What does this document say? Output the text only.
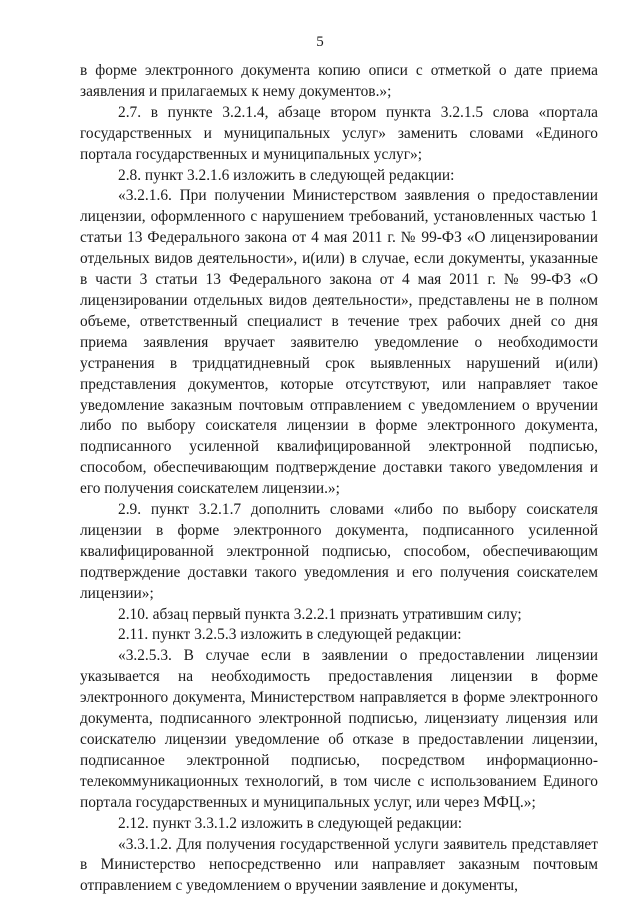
5

в форме электронного документа копию описи с отметкой о дате приема заявления и прилагаемых к нему документов.»;

2.7. в пункте 3.2.1.4, абзаце втором пункта 3.2.1.5 слова «портала государственных и муниципальных услуг» заменить словами «Единого портала государственных и муниципальных услуг»;

2.8. пункт 3.2.1.6 изложить в следующей редакции:

«3.2.1.6. При получении Министерством заявления о предоставлении лицензии, оформленного с нарушением требований, установленных частью 1 статьи 13 Федерального закона от 4 мая 2011 г. № 99-ФЗ «О лицензировании отдельных видов деятельности», и(или) в случае, если документы, указанные в части 3 статьи 13 Федерального закона от 4 мая 2011 г. № 99-ФЗ «О лицензировании отдельных видов деятельности», представлены не в полном объеме, ответственный специалист в течение трех рабочих дней со дня приема заявления вручает заявителю уведомление о необходимости устранения в тридцатидневный срок выявленных нарушений и(или) представления документов, которые отсутствуют, или направляет такое уведомление заказным почтовым отправлением с уведомлением о вручении либо по выбору соискателя лицензии в форме электронного документа, подписанного усиленной квалифицированной электронной подписью, способом, обеспечивающим подтверждение доставки такого уведомления и его получения соискателем лицензии.»;

2.9. пункт 3.2.1.7 дополнить словами «либо по выбору соискателя лицензии в форме электронного документа, подписанного усиленной квалифицированной электронной подписью, способом, обеспечивающим подтверждение доставки такого уведомления и его получения соискателем лицензии»;

2.10. абзац первый пункта 3.2.2.1 признать утратившим силу;

2.11. пункт 3.2.5.3 изложить в следующей редакции:

«3.2.5.3. В случае если в заявлении о предоставлении лицензии указывается на необходимость предоставления лицензии в форме электронного документа, Министерством направляется в форме электронного документа, подписанного электронной подписью, лицензиату лицензия или соискателю лицензии уведомление об отказе в предоставлении лицензии, подписанное электронной подписью, посредством информационно-телекоммуникационных технологий, в том числе с использованием Единого портала государственных и муниципальных услуг, или через МФЦ.»;

2.12. пункт 3.3.1.2 изложить в следующей редакции:

«3.3.1.2. Для получения государственной услуги заявитель представляет в Министерство непосредственно или направляет заказным почтовым отправлением с уведомлением о вручении заявление и документы,
